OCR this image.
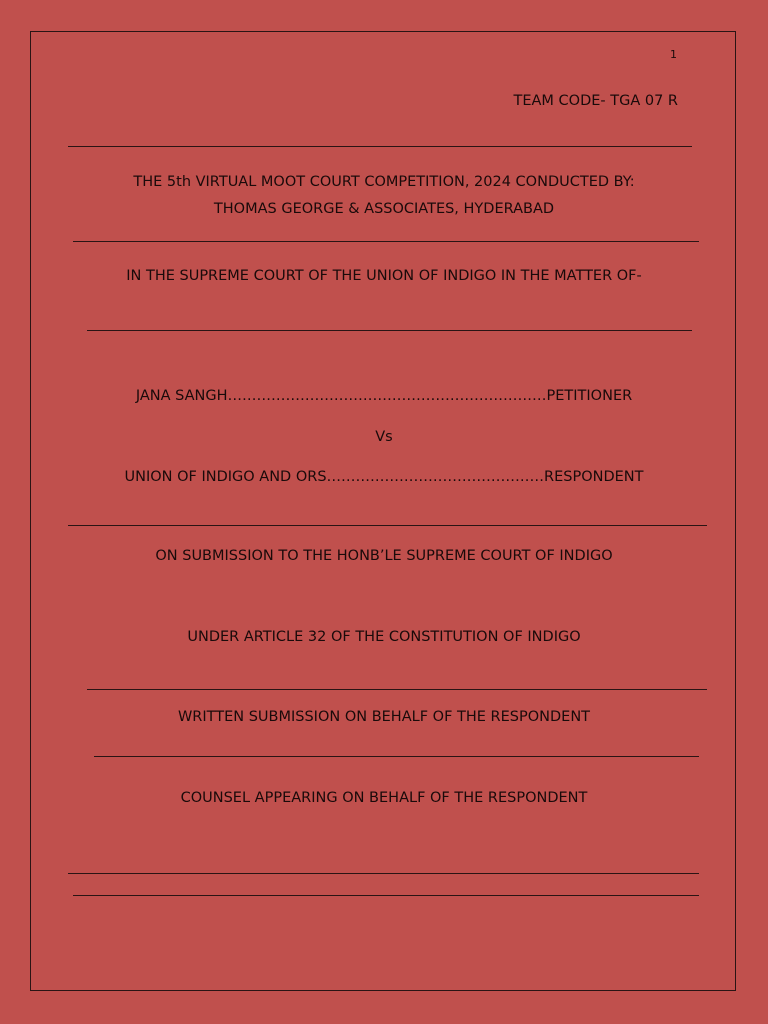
1
TEAM CODE- TGA 07 R
THE 5th VIRTUAL MOOT COURT COMPETITION, 2024 CONDUCTED BY:
THOMAS GEORGE & ASSOCIATES, HYDERABAD
IN THE SUPREME COURT OF THE UNION OF INDIGO IN THE MATTER OF-
JANA SANGH…………………………………………………………PETITIONER
Vs
UNION OF INDIGO AND ORS………………………………………RESPONDENT
ON SUBMISSION TO THE HONB’LE SUPREME COURT OF INDIGO
UNDER ARTICLE 32 OF THE CONSTITUTION OF INDIGO
WRITTEN SUBMISSION ON BEHALF OF THE RESPONDENT
COUNSEL APPEARING ON BEHALF OF THE RESPONDENT
